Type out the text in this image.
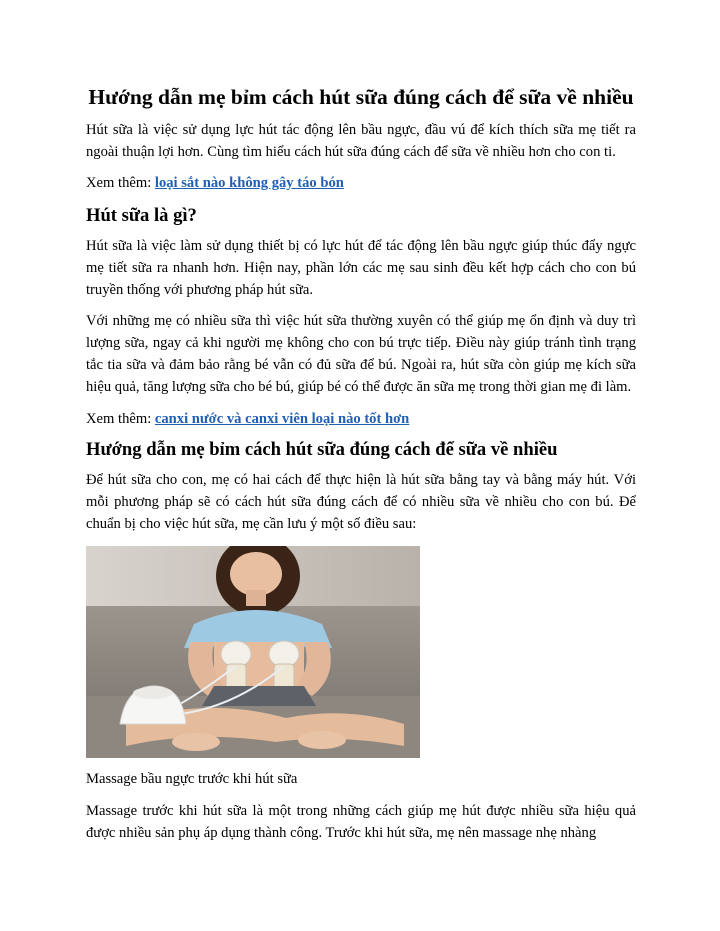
Hướng dẫn mẹ bỉm cách hút sữa đúng cách để sữa về nhiều

Hút sữa là việc sử dụng lực hút tác động lên bầu ngực, đầu vú để kích thích sữa mẹ tiết ra ngoài thuận lợi hơn. Cùng tìm hiểu cách hút sữa đúng cách để sữa về nhiều hơn cho con ti.

Xem thêm: loại sắt nào không gây táo bón

Hút sữa là gì?

Hút sữa là việc làm sử dụng thiết bị có lực hút để tác động lên bầu ngực giúp thúc đẩy ngực mẹ tiết sữa ra nhanh hơn. Hiện nay, phần lớn các mẹ sau sinh đều kết hợp cách cho con bú truyền thống với phương pháp hút sữa.

Với những mẹ có nhiều sữa thì việc hút sữa thường xuyên có thể giúp mẹ ổn định và duy trì lượng sữa, ngay cả khi người mẹ không cho con bú trực tiếp. Điều này giúp tránh tình trạng tắc tia sữa và đảm bảo rằng bé vẫn có đủ sữa để bú. Ngoài ra, hút sữa còn giúp mẹ kích sữa hiệu quả, tăng lượng sữa cho bé bú, giúp bé có thể được ăn sữa mẹ trong thời gian mẹ đi làm.

Xem thêm: canxi nước và canxi viên loại nào tốt hơn

Hướng dẫn mẹ bỉm cách hút sữa đúng cách để sữa về nhiều

Để hút sữa cho con, mẹ có hai cách để thực hiện là hút sữa bằng tay và bằng máy hút. Với mỗi phương pháp sẽ có cách hút sữa đúng cách để có nhiều sữa về nhiều cho con bú. Để chuẩn bị cho việc hút sữa, mẹ cần lưu ý một số điều sau:

Massage bầu ngực trước khi hút sữa

Massage trước khi hút sữa là một trong những cách giúp mẹ hút được nhiều sữa hiệu quả được nhiều sản phụ áp dụng thành công. Trước khi hút sữa, mẹ nên massage nhẹ nhàng
